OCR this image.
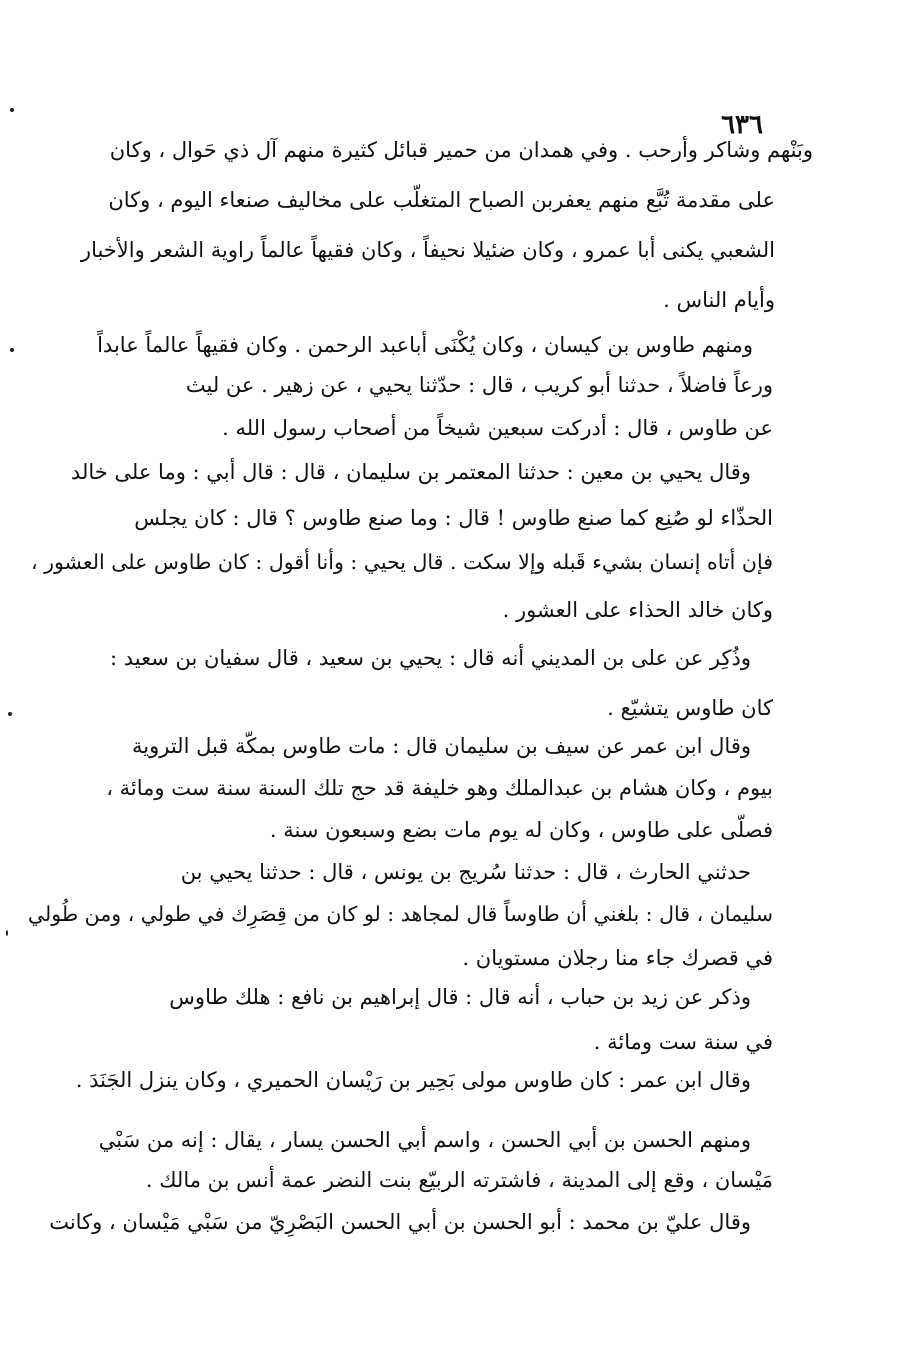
٦٣٦
وبَنْهم وشاكر وأرحب . وفي همدان من حمير قبائل كثيرة منهم آل ذي حَوال ، وكان
على مقدمة تُبَّع منهم يعفربن الصباح المتغلّب على مخاليف صنعاء اليوم ، وكان
الشعبي يكنى أبا عمرو ، وكان ضئيلا نحيفاً ، وكان فقيهاً عالماً راوية الشعر والأخبار
وأيام الناس .
ومنهم طاوس بن كيسان ، وكان يُكْنَى أباعبد الرحمن . وكان فقيهاً عالماً عابداً
ورعاً فاضلاً ، حدثنا أبو كريب ، قال : حدّثنا يحيي ، عن زهير . عن ليث
عن طاوس ، قال : أدركت سبعين شيخاً من أصحاب رسول الله .
وقال يحيي بن معين : حدثنا المعتمر بن سليمان ، قال : قال أبي : وما على خالد
الحذّاء لو صُنِع كما صنع طاوس ! قال : وما صنع طاوس ؟ قال : كان يجلس
فإن أتاه إنسان بشيء قَبله وإلا سكت . قال يحيي : وأنا أقول : كان طاوس على العشور ،
وكان خالد الحذاء على العشور .
وذُكِر عن على بن المديني أنه قال : يحيي بن سعيد ، قال سفيان بن سعيد :
كان طاوس يتشيّع .
وقال ابن عمر عن سيف بن سليمان قال : مات طاوس بمكّة قبل التروية
بيوم ، وكان هشام بن عبدالملك وهو خليفة قد حج تلك السنة سنة ست ومائة ،
فصلّى على طاوس ، وكان له يوم مات بضع وسبعون سنة .
حدثني الحارث ، قال : حدثنا سُريج بن يونس ، قال : حدثنا يحيي بن
سليمان ، قال : بلغني أن طاوساً قال لمجاهد : لو كان من قِصَرِك في طولي ، ومن طُولي
في قصرك جاء منا رجلان مستويان .
وذكر عن زيد بن حباب ، أنه قال : قال إبراهيم بن نافع : هلك طاوس
في سنة ست ومائة .
وقال ابن عمر : كان طاوس مولى بَحِير بن رَيْسان الحميري ، وكان ينزل الجَنَدَ .
ومنهم الحسن بن أبي الحسن ، واسم أبي الحسن يسار ، يقال : إنه من سَبْي
مَيْسان ، وقع إلى المدينة ، فاشترته الربيّع بنت النضر عمة أنس بن مالك .
وقال عليّ بن محمد : أبو الحسن بن أبي الحسن البَصْرِيّ من سَبْي مَيْسان ، وكانت
